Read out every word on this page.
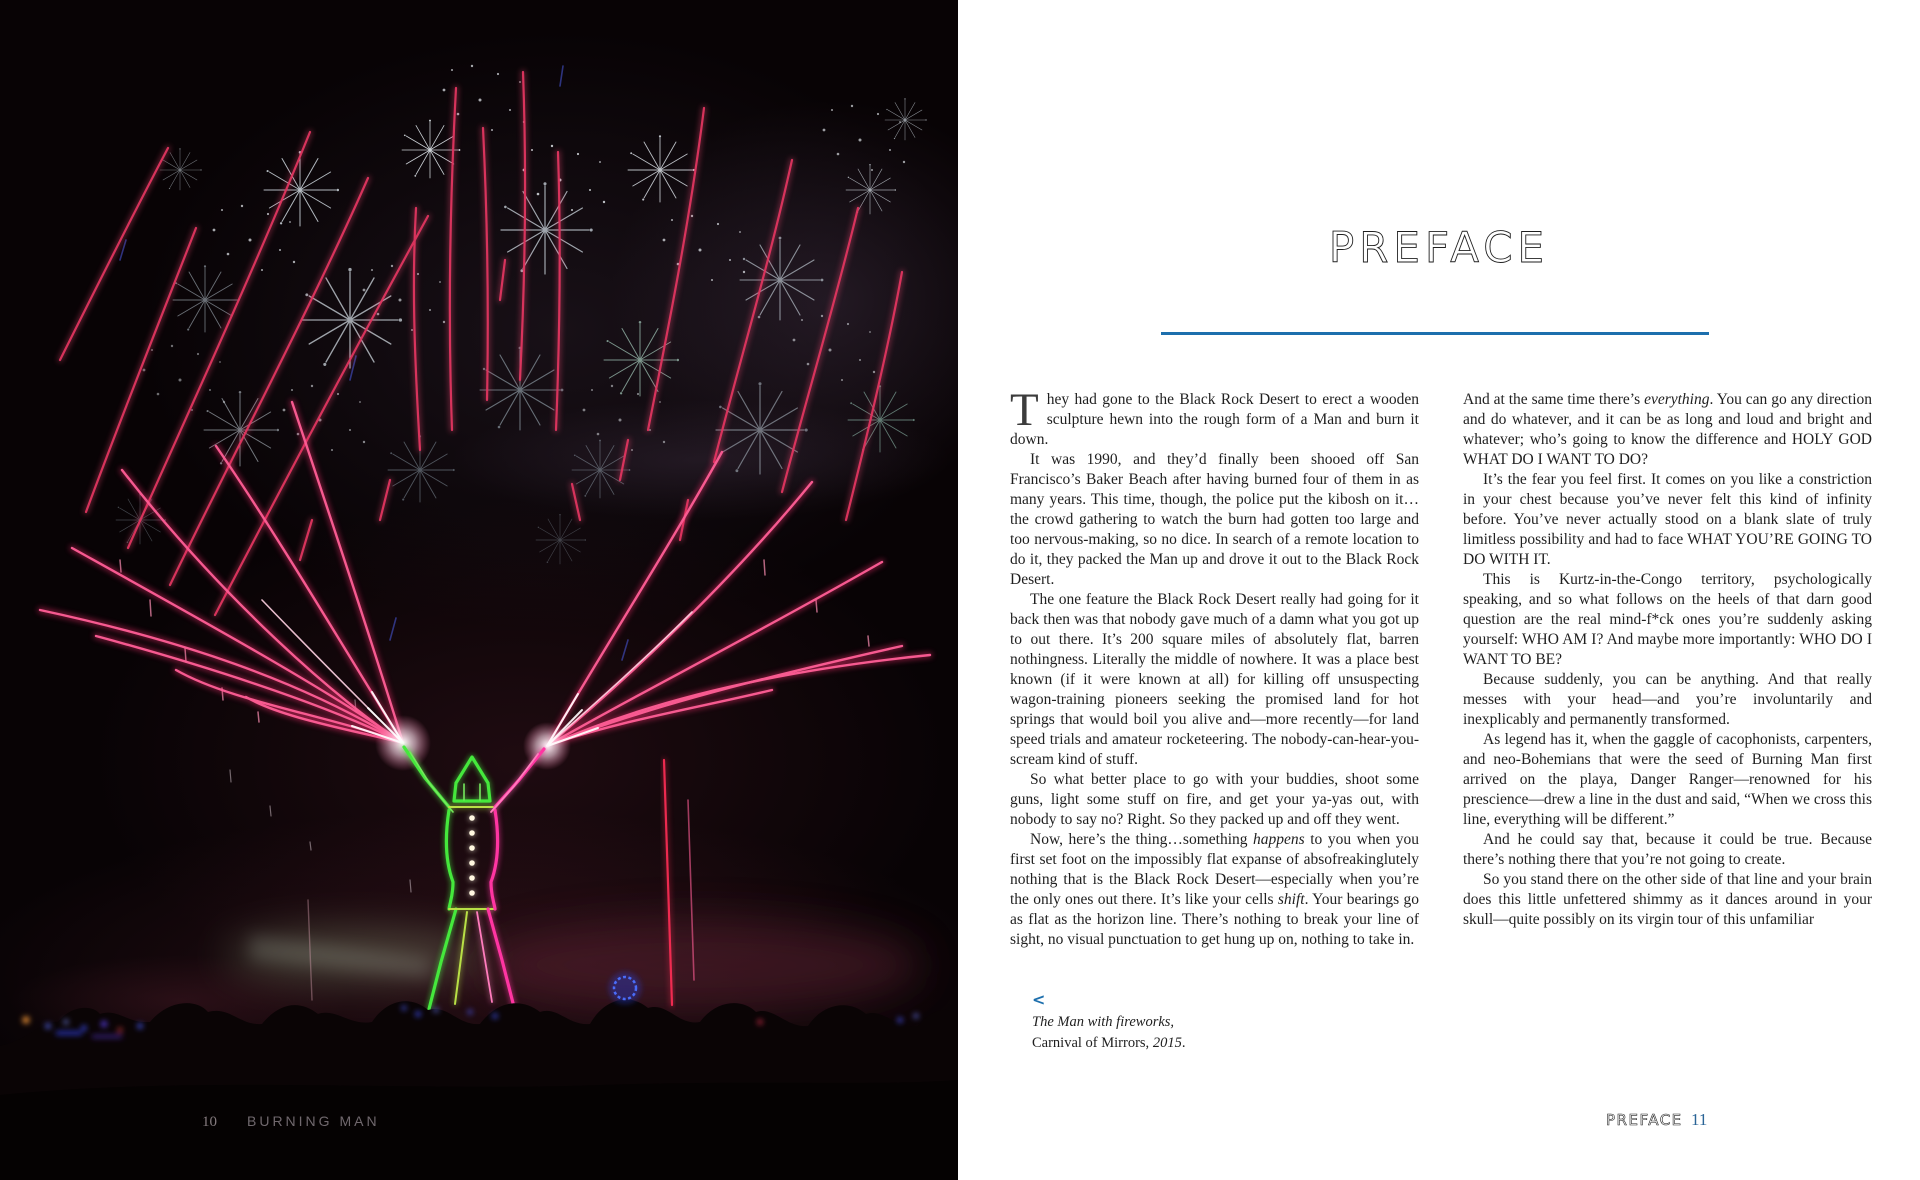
10 BURNING MAN
PREFACE

They had gone to the Black Rock Desert to erect a wooden sculpture hewn into the rough form of a Man and burn it down.

It was 1990, and they’d finally been shooed off San Francisco’s Baker Beach after having burned four of them in as many years. This time, though, the police put the kibosh on it…the crowd gathering to watch the burn had gotten too large and too nervous-making, so no dice. In search of a remote location to do it, they packed the Man up and drove it out to the Black Rock Desert.

The one feature the Black Rock Desert really had going for it back then was that nobody gave much of a damn what you got up to out there. It’s 200 square miles of absolutely flat, barren nothingness. Literally the middle of nowhere. It was a place best known (if it were known at all) for killing off unsuspecting wagon-training pioneers seeking the promised land for hot springs that would boil you alive and—more recently—for land speed trials and amateur rocketeering. The nobody-can-hear-you-scream kind of stuff.

So what better place to go with your buddies, shoot some guns, light some stuff on fire, and get your ya-yas out, with nobody to say no? Right. So they packed up and off they went.

Now, here’s the thing…something happens to you when you first set foot on the impossibly flat expanse of absofreakinglutely nothing that is the Black Rock Desert—especially when you’re the only ones out there. It’s like your cells shift. Your bearings go as flat as the horizon line. There’s nothing to break your line of sight, no visual punctuation to get hung up on, nothing to take in.

And at the same time there’s everything. You can go any direction and do whatever, and it can be as long and loud and bright and whatever; who’s going to know the difference and HOLY GOD WHAT DO I WANT TO DO?

It’s the fear you feel first. It comes on you like a constriction in your chest because you’ve never felt this kind of infinity before. You’ve never actually stood on a blank slate of truly limitless possibility and had to face WHAT YOU’RE GOING TO DO WITH IT.

This is Kurtz-in-the-Congo territory, psychologically speaking, and so what follows on the heels of that darn good question are the real mind-f*ck ones you’re suddenly asking yourself: WHO AM I? And maybe more importantly: WHO DO I WANT TO BE?

Because suddenly, you can be anything. And that really messes with your head—and you’re involuntarily and inexplicably and permanently transformed.

As legend has it, when the gaggle of cacophonists, carpenters, and neo-Bohemians that were the seed of Burning Man first arrived on the playa, Danger Ranger—renowned for his prescience—drew a line in the dust and said, “When we cross this line, everything will be different.”

And he could say that, because it could be true. Because there’s nothing there that you’re not going to create.

So you stand there on the other side of that line and your brain does this little unfettered shimmy as it dances around in your skull—quite possibly on its virgin tour of this unfamiliar

<
The Man with fireworks,
Carnival of Mirrors, 2015.
PREFACE 11
